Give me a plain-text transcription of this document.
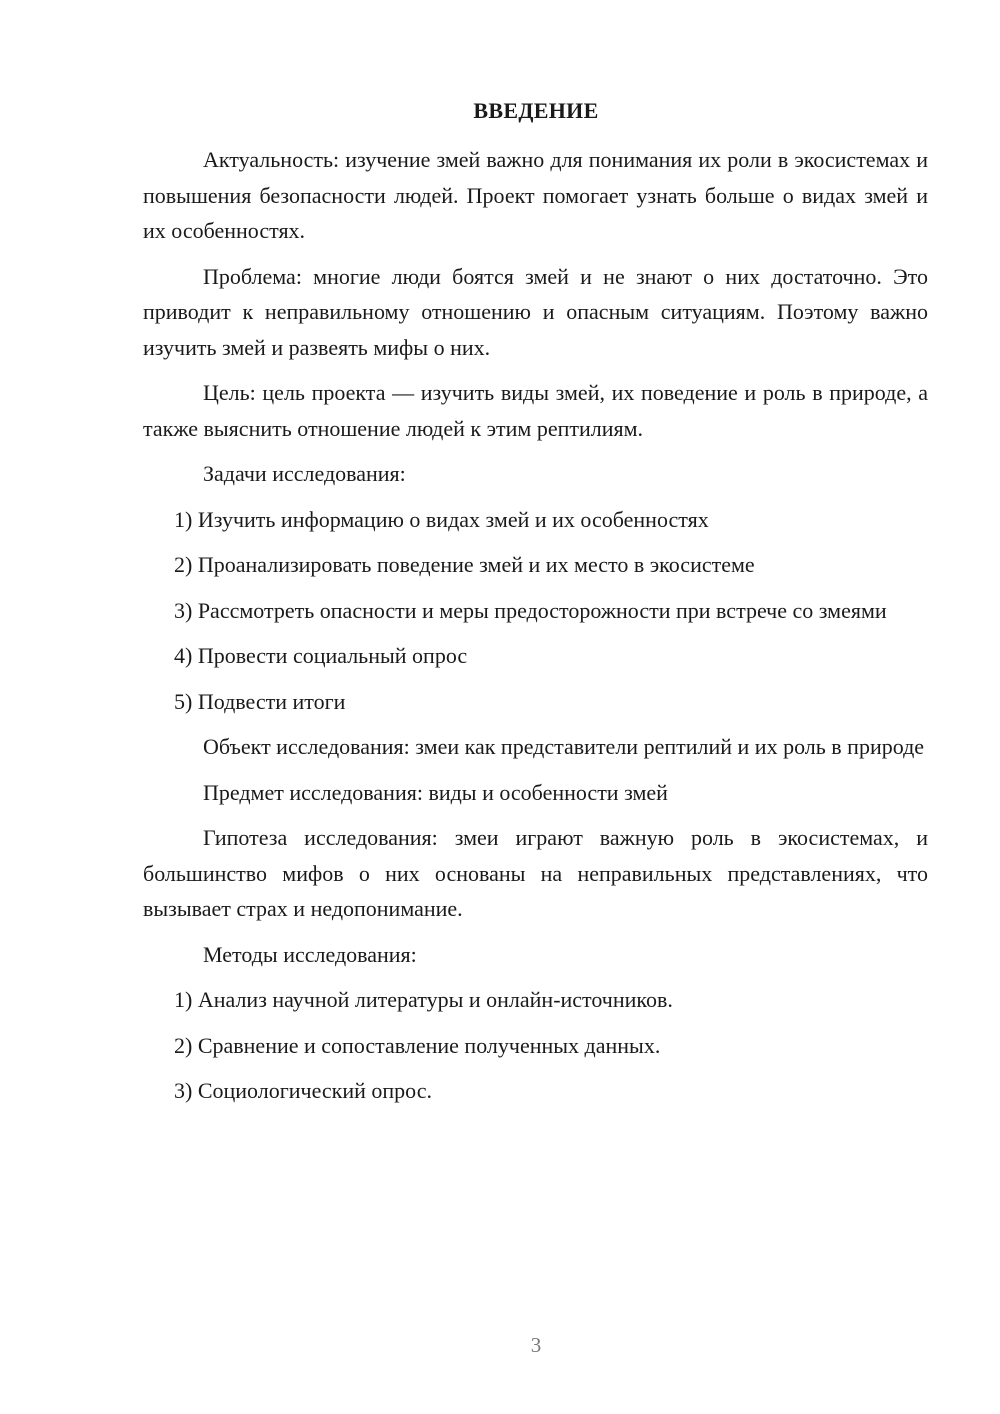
ВВЕДЕНИЕ

Актуальность: изучение змей важно для понимания их роли в экосистемах и повышения безопасности людей. Проект помогает узнать больше о видах змей и их особенностях.

Проблема: многие люди боятся змей и не знают о них достаточно. Это приводит к неправильному отношению и опасным ситуациям. Поэтому важно изучить змей и развеять мифы о них.

Цель: цель проекта — изучить виды змей, их поведение и роль в природе, а также выяснить отношение людей к этим рептилиям.

Задачи исследования:

1) Изучить информацию о видах змей и их особенностях

2) Проанализировать поведение змей и их место в экосистеме

3) Рассмотреть опасности и меры предосторожности при встрече со змеями

4) Провести социальный опрос

5) Подвести итоги

Объект исследования: змеи как представители рептилий и их роль в природе

Предмет исследования: виды и особенности змей

Гипотеза исследования: змеи играют важную роль в экосистемах, и большинство мифов о них основаны на неправильных представлениях, что вызывает страх и недопонимание.

Методы исследования:

1) Анализ научной литературы и онлайн-источников.

2) Сравнение и сопоставление полученных данных.

3) Социологический опрос.

3
